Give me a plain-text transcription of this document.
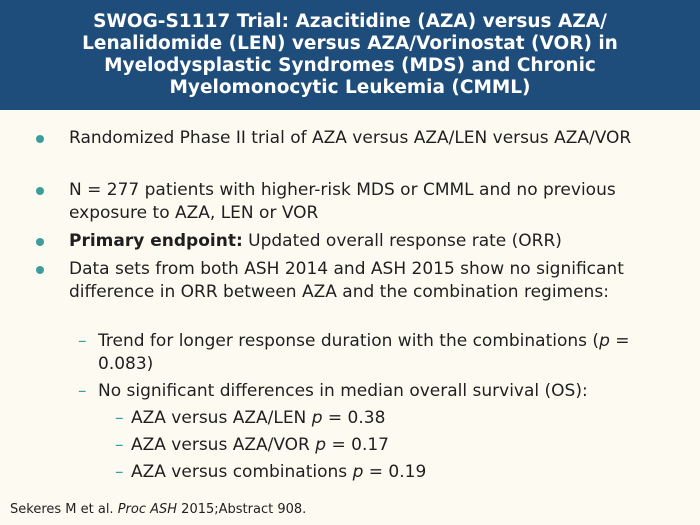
SWOG-S1117 Trial: Azacitidine (AZA) versus AZA/ Lenalidomide (LEN) versus AZA/Vorinostat (VOR) in Myelodysplastic Syndromes (MDS) and Chronic Myelomonocytic Leukemia (CMML)
Randomized Phase II trial of AZA versus AZA/LEN versus AZA/VOR
N = 277 patients with higher-risk MDS or CMML and no previous exposure to AZA, LEN or VOR
Primary endpoint: Updated overall response rate (ORR)
Data sets from both ASH 2014 and ASH 2015 show no significant difference in ORR between AZA and the combination regimens:
– Trend for longer response duration with the combinations (p = 0.083)
– No significant differences in median overall survival (OS):
– AZA versus AZA/LEN p = 0.38
– AZA versus AZA/VOR p = 0.17
– AZA versus combinations p = 0.19
Sekeres M et al. Proc ASH 2015;Abstract 908.
